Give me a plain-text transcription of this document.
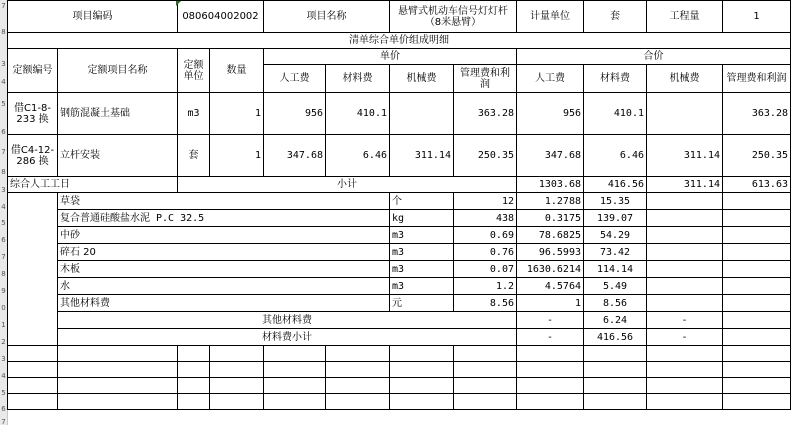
7
8
3
4
5
6
7
8
3
4
5
6
7
8
9
0
1
2
3
4
5
6
7
项目编码		080604002002		项目名称		悬臂式机动车信号灯灯杆（8米悬臂）		计量单位	套	工程量	1
清单综合单价组成明细											
定额编号	定额项目名称	定额单位	数量	单价				合价			
				人工费	材料费	机械费	管理费和利润	人工费	材料费	机械费	管理费和利润
借C1-8-233 换	钢筋混凝土基础	m3	1	956	410.1		363.28	956	410.1		363.28
借C4-12-286 换	立杆安装	套	1	347.68	6.46	311.14	250.35	347.68	6.46	311.14	250.35
综合人工工日		小计						1303.68	416.56	311.14	613.63
	草袋					个	12	1.2788	15.35		
	复合普通硅酸盐水泥 P.C 32.5					kg	438	0.3175	139.07		
	中砂					m3	0.69	78.6825	54.29		
	碎石 20					m3	0.76	96.5993	73.42		
	木板					m3	0.07	1630.6214	114.14		
	水					m3	1.2	4.5764	5.49		
	其他材料费					元	8.56	1	8.56		
	其他材料费							-	6.24	-	
	材料费小计							-	416.56	-	
